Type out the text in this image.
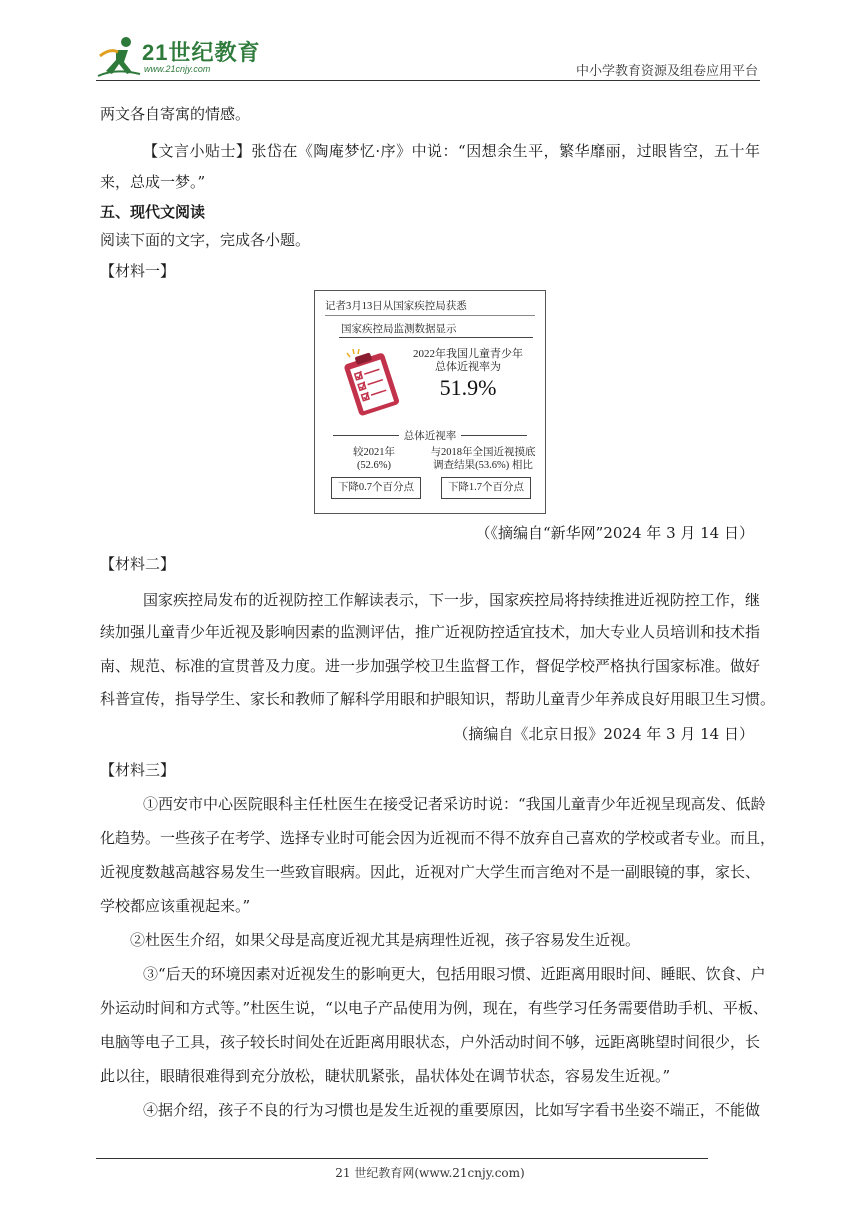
21世纪教育
www.21cnjy.com	中小学教育资源及组卷应用平台
两文各自寄寓的情感。
【文言小贴士】张岱在《陶庵梦忆·序》中说：“因想余生平，繁华靡丽，过眼皆空，五十年
来，总成一梦。”
五、现代文阅读
阅读下面的文字，完成各小题。
【材料一】
记者3月13日从国家疾控局获悉
国家疾控局监测数据显示
2022年我国儿童青少年
总体近视率为
51.9%
总体近视率
较2021年
(52.6%)
与2018年全国近视摸底
调查结果(53.6%) 相比
下降0.7个百分点	下降1.7个百分点
（《摘编自“新华网”2024 年 3 月 14 日）
【材料二】
国家疾控局发布的近视防控工作解读表示，下一步，国家疾控局将持续推进近视防控工作，继
续加强儿童青少年近视及影响因素的监测评估，推广近视防控适宜技术，加大专业人员培训和技术指
南、规范、标准的宣贯普及力度。进一步加强学校卫生监督工作，督促学校严格执行国家标准。做好
科普宣传，指导学生、家长和教师了解科学用眼和护眼知识，帮助儿童青少年养成良好用眼卫生习惯。
（摘编自《北京日报》2024 年 3 月 14 日）
【材料三】
①西安市中心医院眼科主任杜医生在接受记者采访时说：“我国儿童青少年近视呈现高发、低龄
化趋势。一些孩子在考学、选择专业时可能会因为近视而不得不放弃自己喜欢的学校或者专业。而且，
近视度数越高越容易发生一些致盲眼病。因此，近视对广大学生而言绝对不是一副眼镜的事，家长、
学校都应该重视起来。”
②杜医生介绍，如果父母是高度近视尤其是病理性近视，孩子容易发生近视。
③“后天的环境因素对近视发生的影响更大，包括用眼习惯、近距离用眼时间、睡眠、饮食、户
外运动时间和方式等。”杜医生说，“以电子产品使用为例，现在，有些学习任务需要借助手机、平板、
电脑等电子工具，孩子较长时间处在近距离用眼状态，户外活动时间不够，远距离眺望时间很少，长
此以往，眼睛很难得到充分放松，睫状肌紧张，晶状体处在调节状态，容易发生近视。”
④据介绍，孩子不良的行为习惯也是发生近视的重要原因，比如写字看书坐姿不端正，不能做
21 世纪教育网(www.21cnjy.com)
